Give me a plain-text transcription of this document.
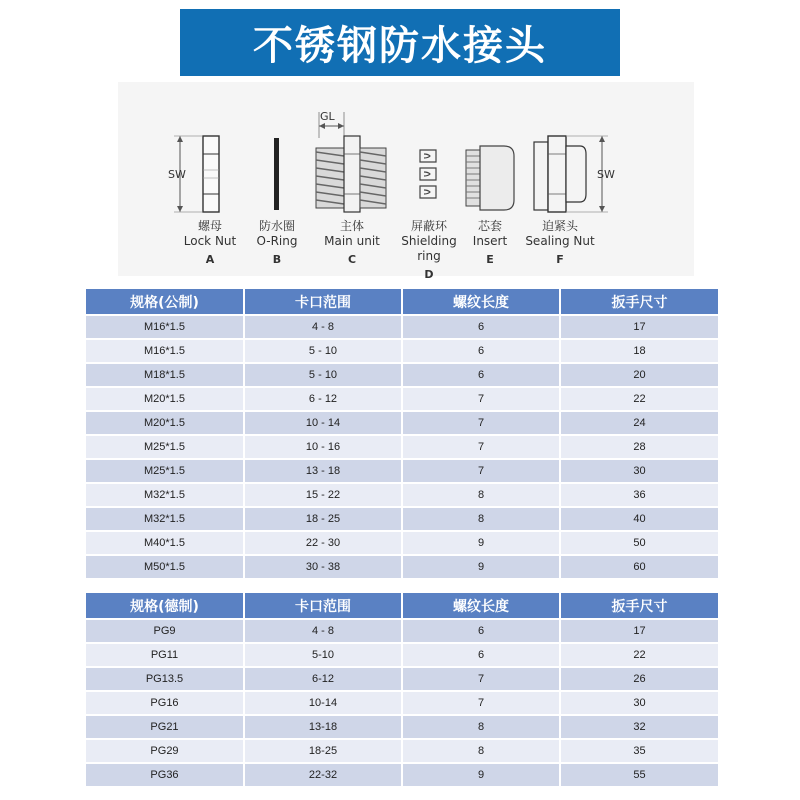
不锈钢防水接头
GL
SW	SW
螺母
Lock Nut
A
防水圈
O-Ring
B
主体
Main unit
C
屏蔽环
Shielding ring
D
芯套
Insert
E
迫紧头
Sealing Nut
F
规格(公制)	卡口范围	螺纹长度	扳手尺寸
M16*1.5	4 - 8	6	17
M16*1.5	5 - 10	6	18
M18*1.5	5 - 10	6	20
M20*1.5	6 - 12	7	22
M20*1.5	10 - 14	7	24
M25*1.5	10 - 16	7	28
M25*1.5	13 - 18	7	30
M32*1.5	15 - 22	8	36
M32*1.5	18 - 25	8	40
M40*1.5	22 - 30	9	50
M50*1.5	30 - 38	9	60
规格(德制)	卡口范围	螺纹长度	扳手尺寸
PG9	4 - 8	6	17
PG11	5-10	6	22
PG13.5	6-12	7	26
PG16	10-14	7	30
PG21	13-18	8	32
PG29	18-25	8	35
PG36	22-32	9	55
